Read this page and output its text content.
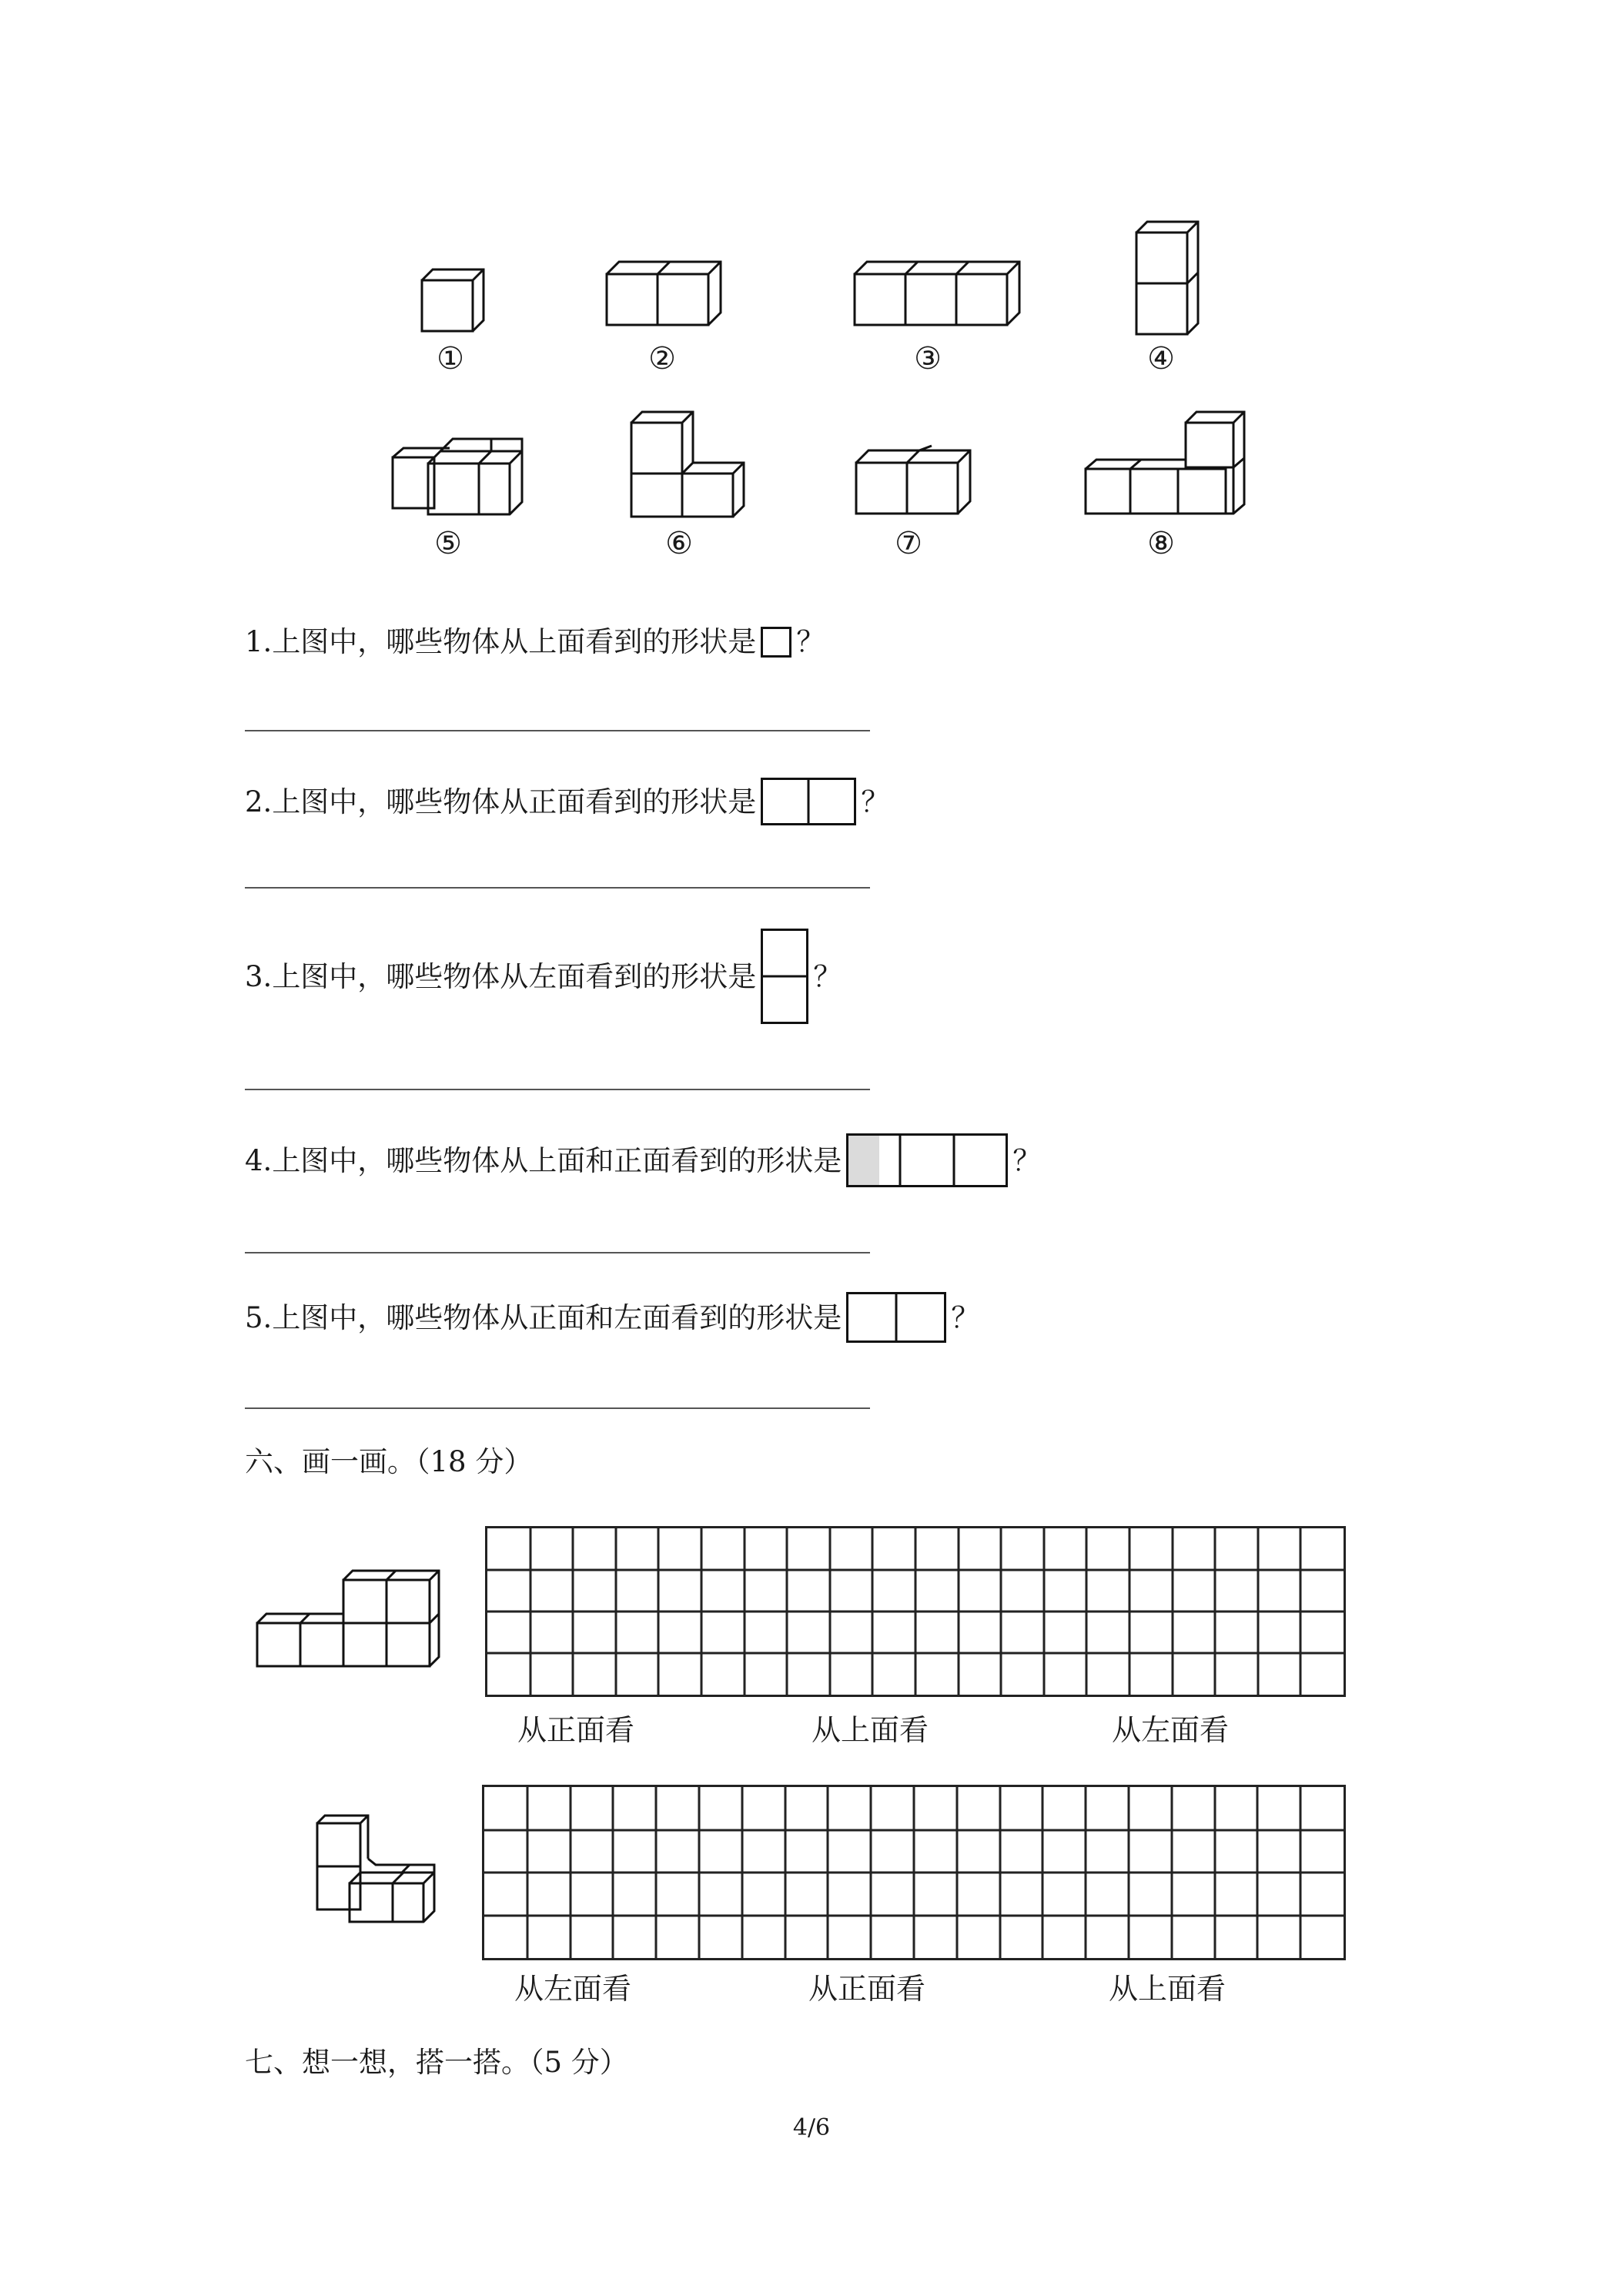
①	②	③	④
⑤	⑥	⑦	⑧
1.上图中，哪些物体从上面看到的形状是 ？
2.上图中，哪些物体从正面看到的形状是	？
3.上图中，哪些物体从左面看到的形状是 ？
4.上图中，哪些物体从上面和正面看到的形状是	？
5.上图中，哪些物体从正面和左面看到的形状是	？
六、画一画。（18 分）
从正面看	从上面看	从左面看
从左面看	从正面看	从上面看
七、想一想，搭一搭。（5 分）
4/6
